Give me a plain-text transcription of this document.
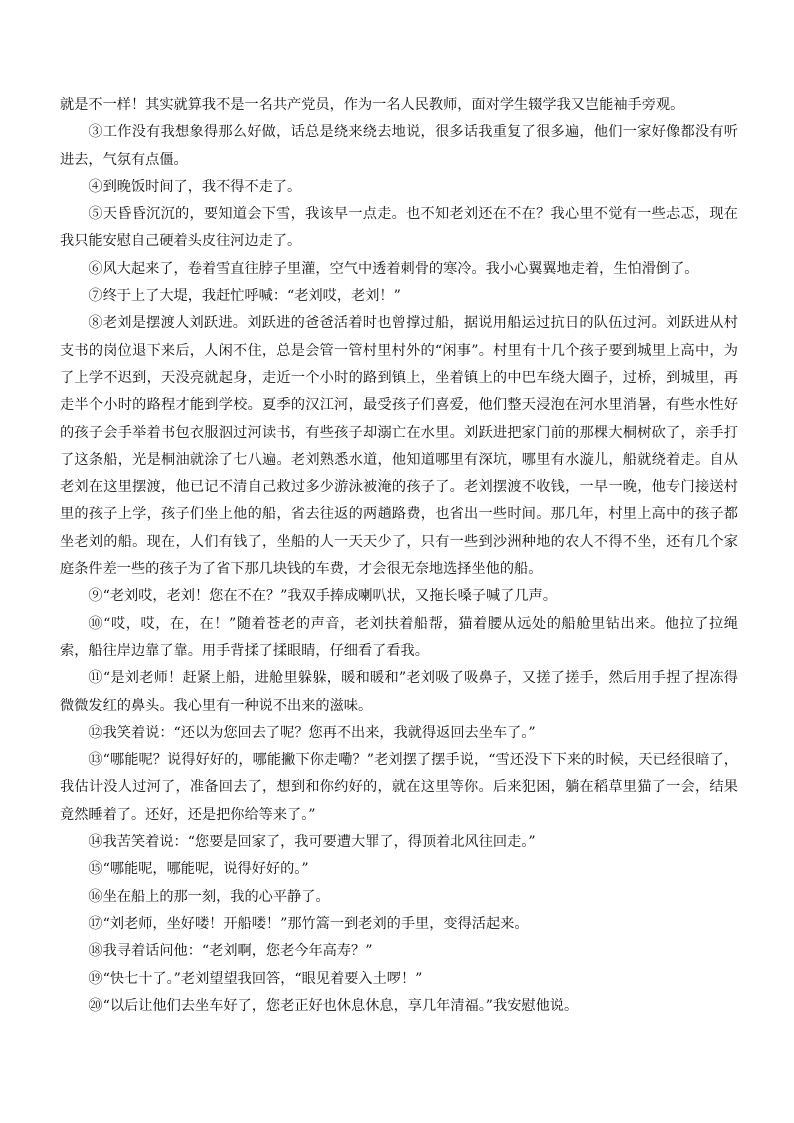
就是不一样！其实就算我不是一名共产党员，作为一名人民教师，面对学生辍学我又岂能袖手旁观。

③工作没有我想象得那么好做，话总是绕来绕去地说，很多话我重复了很多遍，他们一家好像都没有听进去，气氛有点僵。

④到晚饭时间了，我不得不走了。

⑤天昏昏沉沉的，要知道会下雪，我该早一点走。也不知老刘还在不在？我心里不觉有一些忐忑，现在我只能安慰自己硬着头皮往河边走了。

⑥风大起来了，卷着雪直往脖子里灌，空气中透着刺骨的寒冷。我小心翼翼地走着，生怕滑倒了。

⑦终于上了大堤，我赶忙呼喊：“老刘哎，老刘！”

⑧老刘是摆渡人刘跃进。刘跃进的爸爸活着时也曾撑过船，据说用船运过抗日的队伍过河。刘跃进从村支书的岗位退下来后，人闲不住，总是会管一管村里村外的“闲事”。村里有十几个孩子要到城里上高中，为了上学不迟到，天没亮就起身，走近一个小时的路到镇上，坐着镇上的中巴车绕大圈子，过桥，到城里，再走半个小时的路程才能到学校。夏季的汉江河，最受孩子们喜爱，他们整天浸泡在河水里消暑，有些水性好的孩子会手举着书包衣服泅过河读书，有些孩子却溺亡在水里。刘跃进把家门前的那棵大桐树砍了，亲手打了这条船，光是桐油就涂了七八遍。老刘熟悉水道，他知道哪里有深坑，哪里有水漩儿，船就绕着走。自从老刘在这里摆渡，他已记不清自己救过多少游泳被淹的孩子了。老刘摆渡不收钱，一早一晚，他专门接送村里的孩子上学，孩子们坐上他的船，省去往返的两趟路费，也省出一些时间。那几年，村里上高中的孩子都坐老刘的船。现在，人们有钱了，坐船的人一天天少了，只有一些到沙洲种地的农人不得不坐，还有几个家庭条件差一些的孩子为了省下那几块钱的车费，才会很无奈地选择坐他的船。

⑨“老刘哎，老刘！您在不在？”我双手捧成喇叭状，又拖长嗓子喊了几声。

⑩“哎，哎，在，在！”随着苍老的声音，老刘扶着船帮，猫着腰从远处的船舱里钻出来。他拉了拉绳索，船往岸边靠了靠。用手背揉了揉眼睛，仔细看了看我。

⑪“是刘老师！赶紧上船，进舱里躲躲，暖和暖和”老刘吸了吸鼻子，又搓了搓手，然后用手捏了捏冻得微微发红的鼻头。我心里有一种说不出来的滋味。

⑫我笑着说：“还以为您回去了呢？您再不出来，我就得返回去坐车了。”

⑬“哪能呢？说得好好的，哪能撇下你走嘞？”老刘摆了摆手说，“雪还没下下来的时候，天已经很暗了，我估计没人过河了，准备回去了，想到和你约好的，就在这里等你。后来犯困，躺在稻草里猫了一会，结果竟然睡着了。还好，还是把你给等来了。”

⑭我苦笑着说：“您要是回家了，我可要遭大罪了，得顶着北风往回走。”

⑮“哪能呢，哪能呢，说得好好的。”

⑯坐在船上的那一刻，我的心平静了。

⑰“刘老师，坐好喽！开船喽！”那竹篙一到老刘的手里，变得活起来。

⑱我寻着话问他：“老刘啊，您老今年高寿？”

⑲“快七十了。”老刘望望我回答，“眼见着要入土啰！”

⑳“以后让他们去坐车好了，您老正好也休息休息，享几年清福。”我安慰他说。
